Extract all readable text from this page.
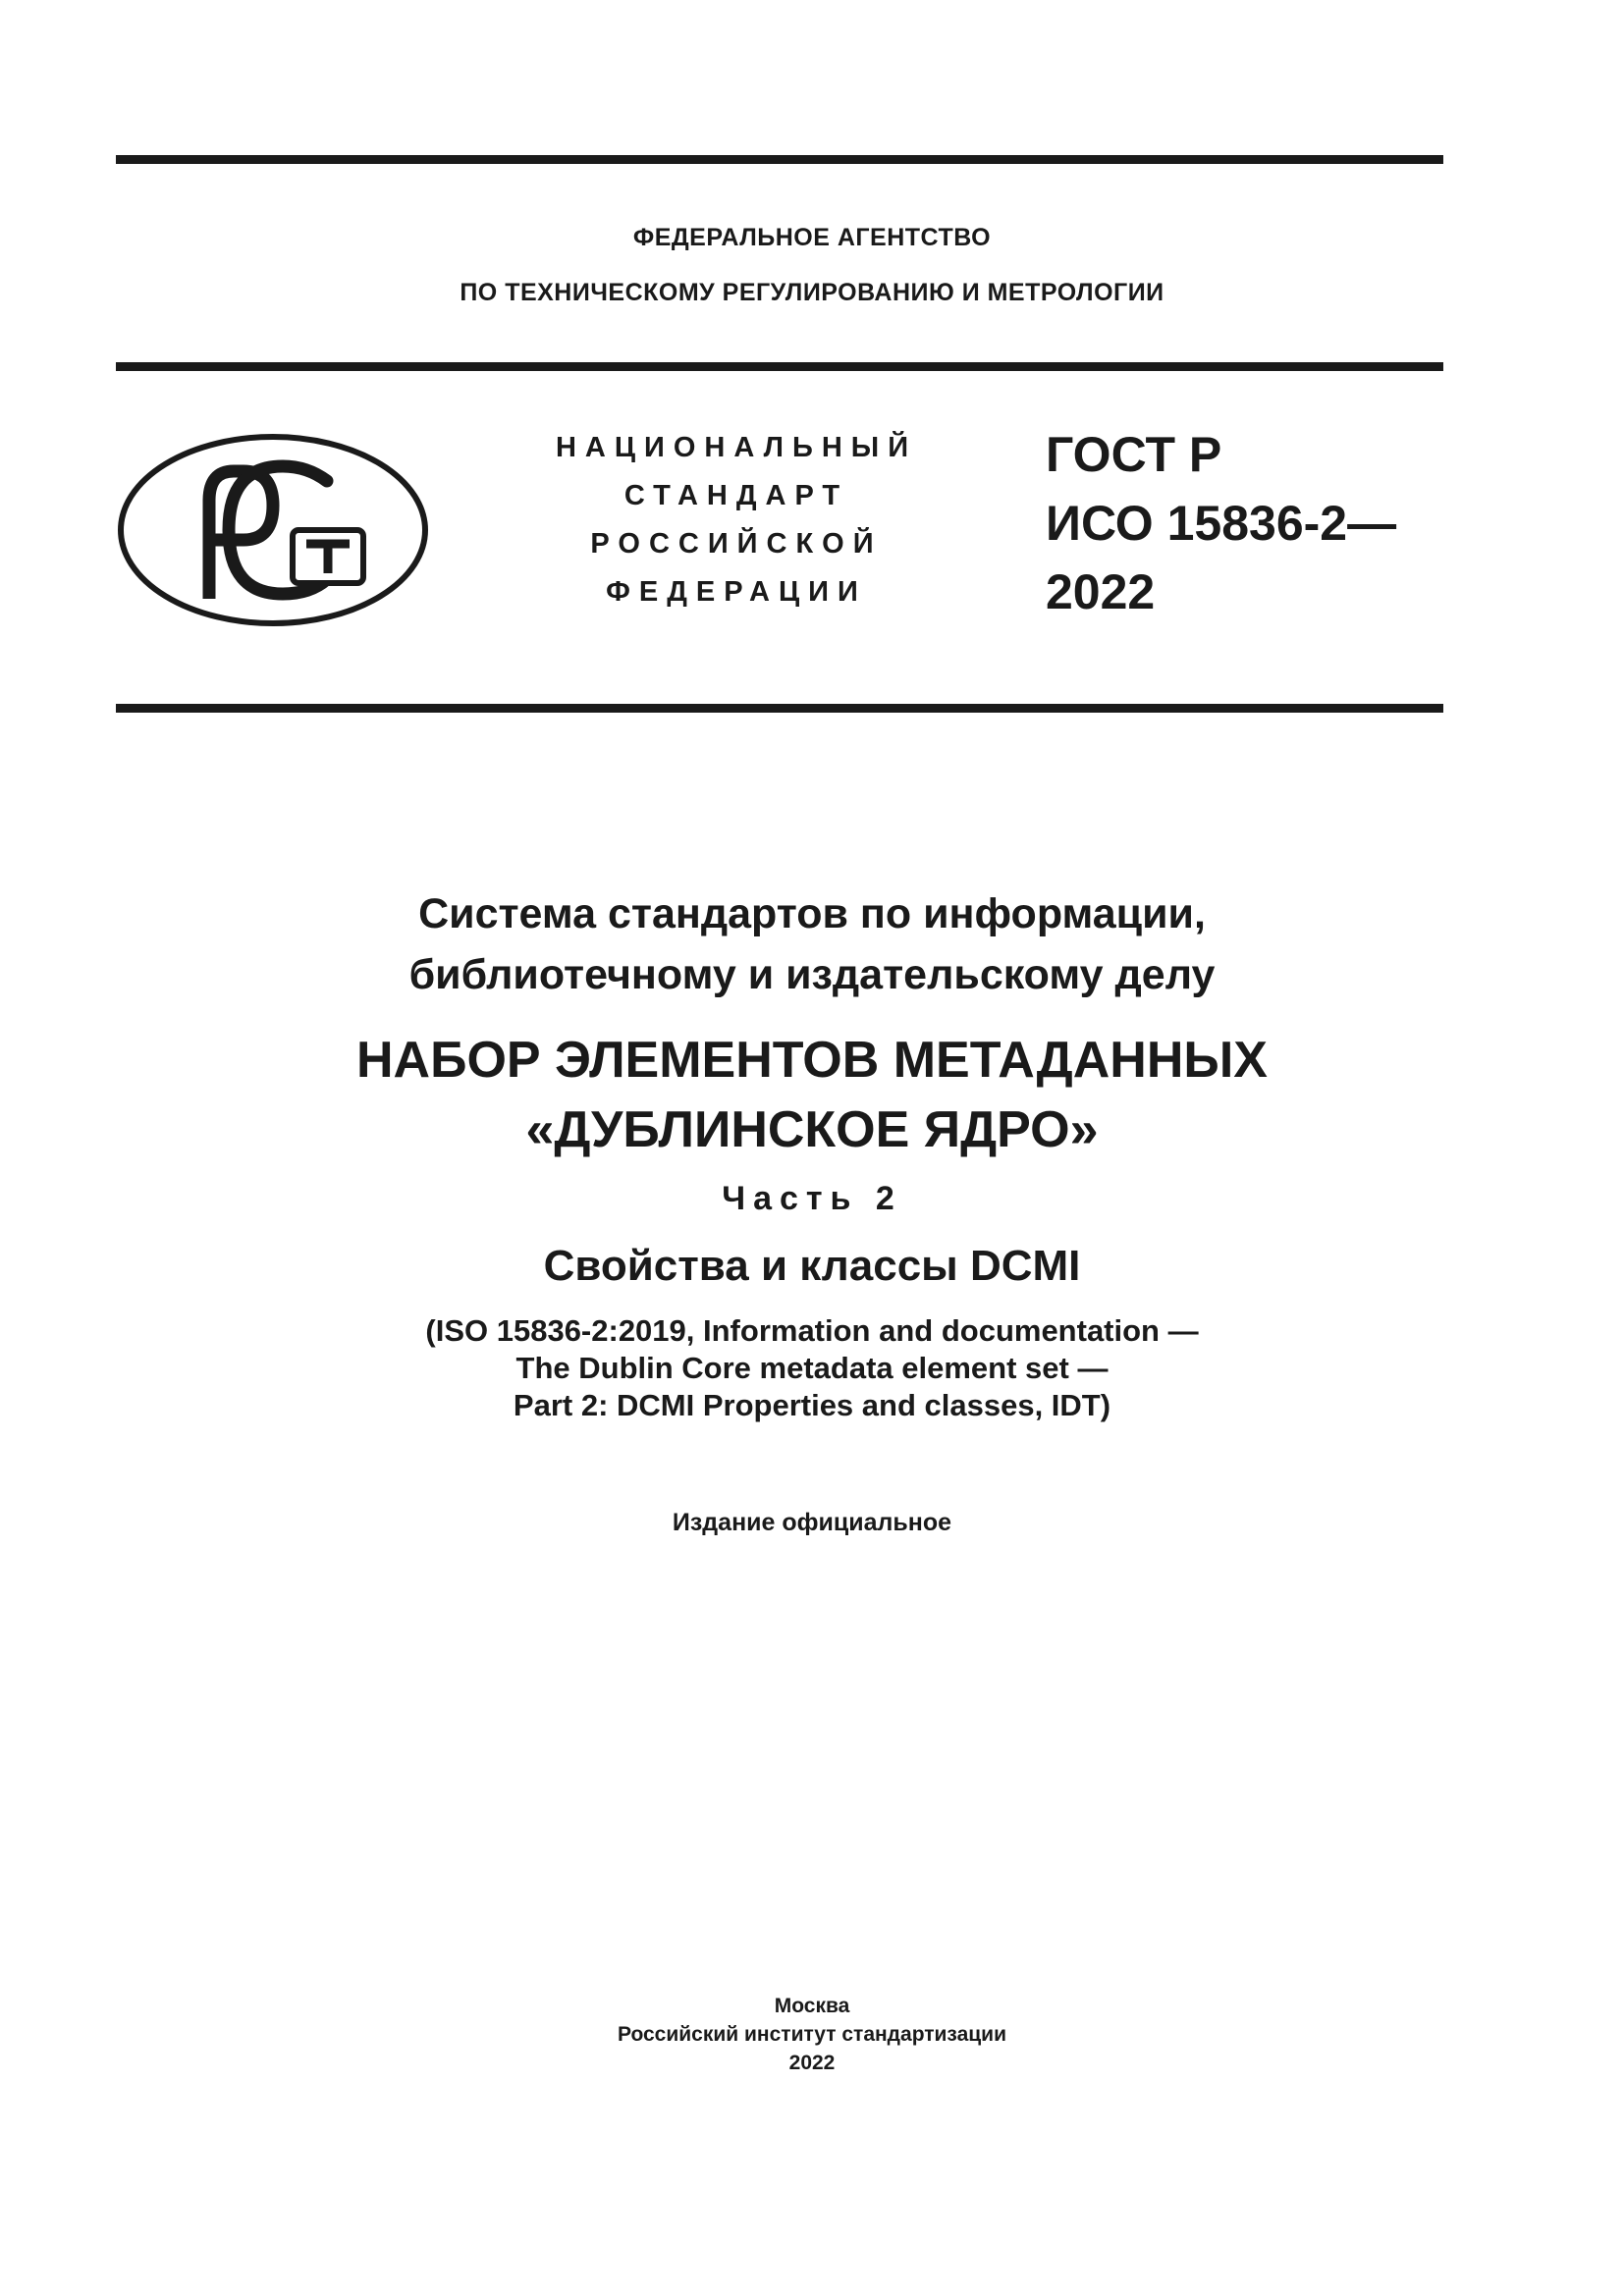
ФЕДЕРАЛЬНОЕ АГЕНТСТВО
ПО ТЕХНИЧЕСКОМУ РЕГУЛИРОВАНИЮ И МЕТРОЛОГИИ
НАЦИОНАЛЬНЫЙ
СТАНДАРТ
РОССИЙСКОЙ
ФЕДЕРАЦИИ
ГОСТ Р
ИСО 15836-2—
2022
Система стандартов по информации,
библиотечному и издательскому делу
НАБОР ЭЛЕМЕНТОВ МЕТАДАННЫХ
«ДУБЛИНСКОЕ ЯДРО»
Часть 2
Свойства и классы DCMI
(ISO 15836-2:2019, Information and documentation —
The Dublin Core metadata element set —
Part 2: DCMI Properties and classes, IDT)
Издание официальное
Москва
Российский институт стандартизации
2022
